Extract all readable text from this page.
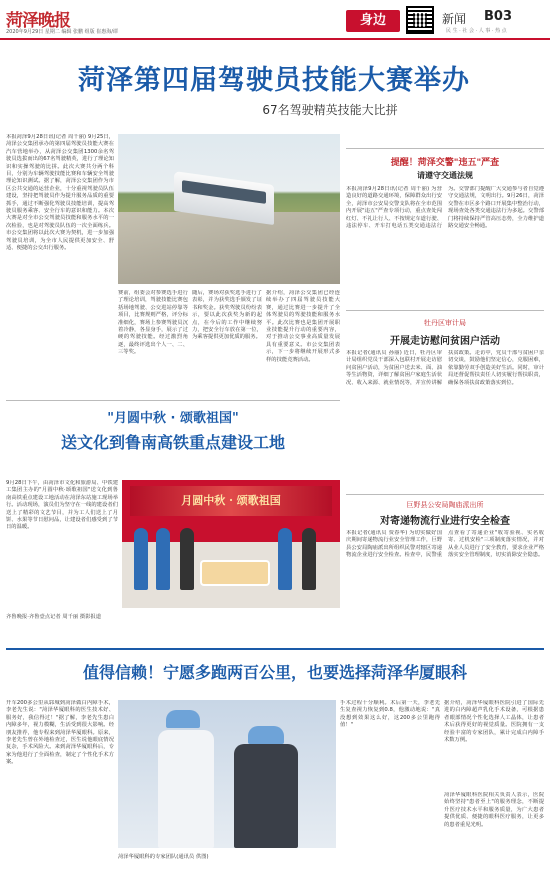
菏泽晚报
2020年9月29日 星期二 编辑 张鹏 组版 崔惠海/谭
身边	新闻 B03
民 生 · 社 会 · 人 事 · 热 点
菏泽第四届驾驶员技能大赛举办
67名驾驶精英技能大比拼
本报菏泽9月28日讯(记者 周千丽) 9月25日，菏泽公交集团承办的第四届驾驶员技能大赛在汽车营地举办，从菏泽公交集团1300余名驾驶员选拔而出的67名驾驶精英，进行了理论知识和实操驾驶的比拼。此次大赛共分两个科目，分别为车辆驾驶技能比赛和车辆安全驾驶理论知识测试。据了解，菏泽公交集团作为市区公共交通的运营企业，十分重视驾驶员队伍建设，坚持把驾驶员作为提升服务品质的重要抓手，通过不断强化驾驶员技能培训，提高驾驶员服务乘客、安全行车的意识和能力。本次大赛是对全市公交驾驶员技能和服务水平的一次检验，也是对驾驶员队伍的一次全面练兵。市公交集团将以此次大赛为契机，进一步加强驾驶员培训，为全市人民提供更加安全、舒适、便捷的公交出行服务。
赛前，组委会对参赛选手进行了理论培训，驾驶技能比赛包括场地驾驶、公交进站停靠等项目，比赛规则严格，评分标准细化，赛场上参赛驾驶员沉着冷静，各显身手，展示了过硬的驾驶技能。经过激烈角逐，最终评选出个人一、二、三等奖。
随后，赛场对获奖选手进行了表彰，并为获奖选手颁发了证书和奖金。获奖驾驶员纷纷表示，要以此次获奖为新的起点，在今后的工作中继续努力，把安全行车放在第一位，为乘客提供更加优质的服务。
据介绍，菏泽公交集团已经连续举办了四届驾驶员技能大赛，通过比赛进一步提升了全体驾驶员的驾驶技能和服务水平。此次比赛也是集团开展职业技能提升行动的重要内容，对于推动公交事业高质量发展具有重要意义。市公交集团表示，下一步将继续开展形式多样的技能竞赛活动。
提醒！菏泽交警"违五"严查
请遵守交通法规
本报菏泽9月28日讯(记者 周千丽) 为营造良好的道路交通环境，保障群众出行安全，菏泽市公安局交警支队将在全市范围内开展"违五"严查专项行动，重点查处闯红灯、不礼让行人、不按规定车道行驶、违法停车、开车打电话五类交通违法行为。交警部门提醒广大交通参与者自觉遵守交通法规，文明出行。9月26日，菏泽交警在市区多个路口开展集中整治行动，现场查处各类交通违法行为多起。交警部门将持续保持严管高压态势，全力维护道路交通安全畅通。
牡丹区审计局
开展走访慰问贫困户活动
本报记者(通讯员 孙丽) 近日，牡丹区审计局组织党员干部深入包联村开展走访慰问贫困户活动，为贫困户送去米、面、油等生活物资，详细了解贫困户家庭生活状况、收入来源、就业情况等，并宣传讲解扶贫政策。走访中，党员干部与贫困户亲切交谈，鼓励他们坚定信心，克服困难，依靠勤劳双手创造美好生活。同时，审计局还督促帮扶责任人切实履行帮扶职责，确保各项扶贫政策落实到位。
"月圆中秋 · 颂歌祖国"
送文化到鲁南高铁重点建设工地
9月28日下午，由菏泽市文化和旅游局、中铁建工集团主办的"月圆中秋·颂歌祖国"送文化到鲁南高铁重点建设工地活动在菏泽东站施工现场举行。活动现场，演员们为坚守在一线的建设者们送上了精彩的文艺节目，并为工人们送上了月饼、水果等节日慰问品，让建设者们感受到了节日的温暖。
月圆中秋 · 颂歌祖国
齐鲁晚报·齐鲁壹点记者 周千丽 摄影报道
巨野县公安局陶庙派出所
对寄递物流行业进行安全检查
本报记者(通讯员 贾春华) 为切实做好国庆期间寄递物流行业安全管理工作，巨野县公安局陶庙派出所组织民警对辖区寄递物流企业进行安全检查。检查中，民警重点查看了寄递企业"收寄验视、实名收寄、过机安检"三项制度落实情况，并对从业人员进行了安全教育，要求企业严格落实安全管理制度，切实消除安全隐患。
值得信赖！宁愿多跑两百公里，也要选择菏泽华厦眼科
开车200多公里从郓城到菏泽做白内障手术，李老先生说："菏泽华厦眼科的医生技术好、服务好，我信得过！"据了解，李老先生患白内障多年，视力模糊，生活受到很大影响。经朋友推荐，他专程来到菏泽华厦眼科。原来，李老先生曾在外地检查过，医生说他眼底情况复杂，手术风险大。来到菏泽华厦眼科后，专家为他进行了全面检查，制定了个性化手术方案。
菏泽华厦眼科的专家团队(通讯员 供图)
手术过程十分顺利。术后第一天，李老先生复查视力恢复到0.8，他激动地说："真没想到效果这么好，这200多公里跑得值！"
据介绍，菏泽华厦眼科医院引进了国际先进的白内障超声乳化手术设备，可根据患者眼部情况个性化选择人工晶体，让患者术后获得更好的视觉质量。医院拥有一支经验丰富的专家团队，累计完成白内障手术数万例。
菏泽华厦眼科医院相关负责人表示，医院始终坚持"患者至上"的服务理念，不断提升医疗技术水平和服务质量，为广大患者提供优质、便捷的眼科医疗服务，让更多的患者重见光明。
